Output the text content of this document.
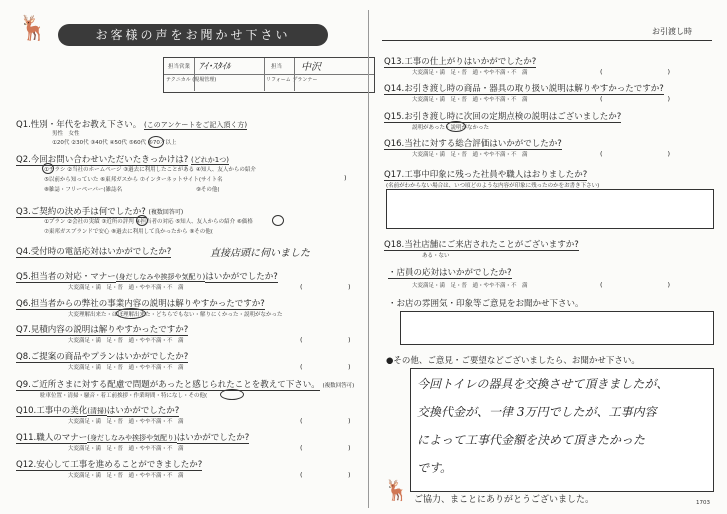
🦌	お客様の声をお聞かせ下さい
担当営業 ｱｲ･ｽﾀｲﾙ	担当 中沢
テクニカル (現場管理)	リフォーム プランナー
Q1.性別・年代をお教え下さい。 (このアンケートをご記入頂く方)
男性　女性
①20代 ②30代 ③40代 ④50代 ⑤60代 ⑥70才以上
Q2.今回お問い合わせいただいたきっかけは? (どれか1つ)
①チラシ ②当社のホームページ ③過去に利用したことがある ④知人、友人からの紹介
⑤以前から知っていた ⑥東邦ガスから ⑦インターネットサイト(サイト名	)
⑧雑誌・フリーペーパー(雑誌名	⑨その他(
Q3.ご契約の決め手は何でしたか? (複数回答可)
①プラン ②会社の実績 ③近所の評判 ④担当者の対応 ⑤知人、友人からの紹介 ⑥価格
⑦東邦ガスブランドで安心 ⑧過去に利用して良かったから ⑨その他(
Q4.受付時の電話応対はいかがでしたか?	直接店頭に伺いました
Q5.担当者の対応・マナー(身だしなみや挨拶や気配り)はいかがでしたか?
大変満足・満　足・普　通・やや不満・不　満	(　　　　　　　)
Q6.担当者からの弊社の事業内容の説明は解りやすかったですか?
大変理解出来た・ほぼ理解出来た・どちらでもない・解りにくかった・説明がなかった
Q7.見積内容の説明は解りやすかったですか?
大変満足・満　足・普　通・やや不満・不　満	(　　　　　　　)
Q8.ご提案の商品やプランはいかがでしたか?
大変満足・満　足・普　通・やや不満・不　満	(　　　　　　　)
Q9.ご近所さまに対する配慮で問題があったと感じられたことを教えて下さい。 (複数回答可)
駐車位置・清掃・騒音・着工前挨拶・作業時間・特になし・その他(
Q10.工事中の美化(清掃)はいかがでしたか?
大変満足・満　足・普　通・やや不満・不　満	(　　　　　　　)
Q11.職人のマナー(身だしなみや挨拶や気配り)はいかがでしたか?
大変満足・満　足・普　通・やや不満・不　満	(　　　　　　　)
Q12.安心して工事を進めることができましたか?
大変満足・満　足・普　通・やや不満・不　満	(　　　　　　　)
お引渡し時
Q13.工事の仕上がりはいかがでしたか?
大変満足・満　足・普　通・やや不満・不　満	(　　　　　　　　　　)
Q14.お引き渡し時の商品・器具の取り扱い説明は解りやすかったですか?
大変満足・満　足・普　通・やや不満・不　満	(　　　　　　　　　　)
Q15.お引き渡し時に次回の定期点検の説明はございましたか?
説明があった・説明がなかった
Q16.当社に対する総合評価はいかがでしたか?
大変満足・満　足・普　通・やや不満・不　満	(　　　　　　　　　　)
Q17.工事中印象に残った社員や職人はおりましたか?
(名前がわからない場合は、いつ頃どのような内容が印象に残ったのかをお書き下さい)
Q18.当社店舗にご来店されたことがございますか?
ある・ない
・店員の応対はいかがでしたか?
大変満足・満　足・普　通・やや不満・不　満	(　　　　　　　　　　)
・お店の雰囲気・印象等ご意見をお聞かせ下さい。
●その他、ご意見・ご要望などございましたら、お聞かせ下さい。
今回トイレの器具を交換させて頂きましたが、
交換代金が、一律 3万円でしたが、工事内容
によって工事代金額を決めて頂きたかった
です。
🦌 ご協力、まことにありがとうございました。	1703
